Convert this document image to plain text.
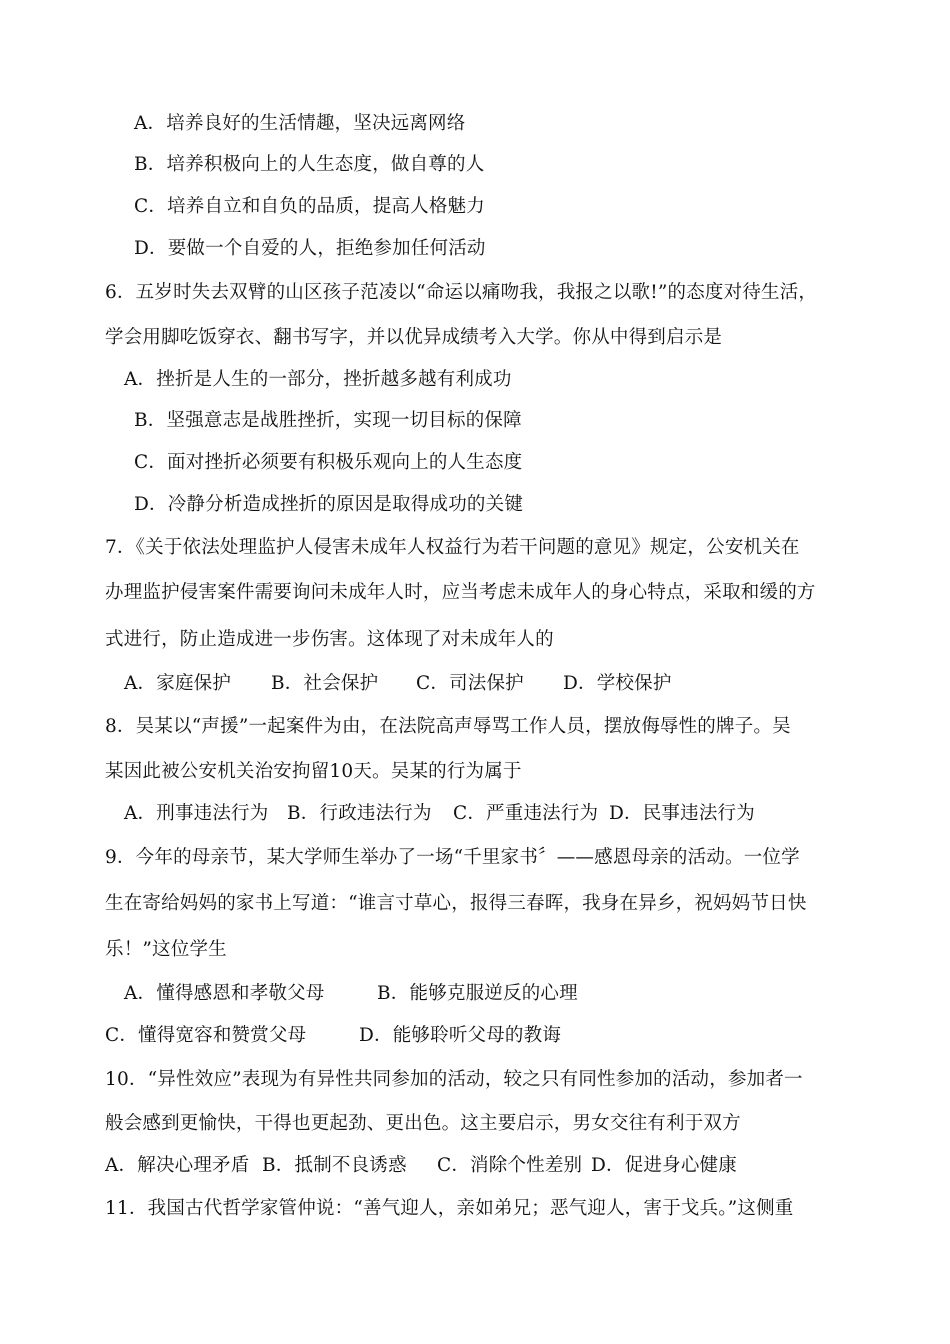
A．培养良好的生活情趣，坚决远离网络
B．培养积极向上的人生态度，做自尊的人
C．培养自立和自负的品质，提高人格魅力
D．要做一个自爱的人，拒绝参加任何活动
6．五岁时失去双臂的山区孩子范凌以“命运以痛吻我，我报之以歌!”的态度对待生活，
学会用脚吃饭穿衣、翻书写字，并以优异成绩考入大学。你从中得到启示是
A．挫折是人生的一部分，挫折越多越有利成功
B．坚强意志是战胜挫折，实现一切目标的保障
C．面对挫折必须要有积极乐观向上的人生态度
D．冷静分析造成挫折的原因是取得成功的关键
7．《关于依法处理监护人侵害未成年人权益行为若干问题的意见》规定，公安机关在
办理监护侵害案件需要询问未成年人时，应当考虑未成年人的身心特点，采取和缓的方
式进行，防止造成进一步伤害。这体现了对未成年人的
A．家庭保护 B．社会保护 C．司法保护 D．学校保护
8．吴某以“声援”一起案件为由，在法院高声辱骂工作人员，摆放侮辱性的牌子。吴
某因此被公安机关治安拘留10天。吴某的行为属于
A．刑事违法行为 B．行政违法行为 C．严重违法行为 D．民事违法行为
9．今年的母亲节，某大学师生举办了一场“千里家书〞——感恩母亲的活动。一位学
生在寄给妈妈的家书上写道：“谁言寸草心，报得三春晖，我身在异乡，祝妈妈节日快
乐！”这位学生
A．懂得感恩和孝敬父母	B．能够克服逆反的心理
C．懂得宽容和赞赏父母	D．能够聆听父母的教诲
10．“异性效应”表现为有异性共同参加的活动，较之只有同性参加的活动，参加者一
般会感到更愉快，干得也更起劲、更出色。这主要启示，男女交往有利于双方
A．解决心理矛盾 B．抵制不良诱惑 C．消除个性差别 D．促进身心健康
11．我国古代哲学家管仲说：“善气迎人，亲如弟兄；恶气迎人，害于戈兵。”这侧重
